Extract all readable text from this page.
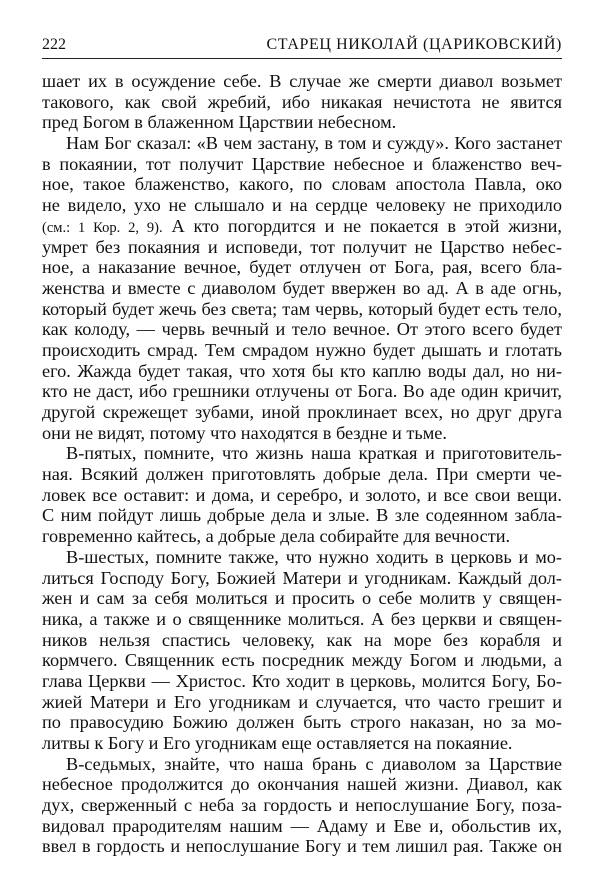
222	СТАРЕЦ НИКОЛАЙ (ЦАРИКОВСКИЙ)
шает их в осуждение себе. В случае же смерти диавол возьмет
такового, как свой жребий, ибо никакая нечистота не явится
пред Богом в блаженном Царствии небесном.
Нам Бог сказал: «В чем застану, в том и сужду». Кого застанет
в покаянии, тот получит Царствие небесное и блаженство веч-
ное, такое блаженство, какого, по словам апостола Павла, око
не видело, ухо не слышало и на сердце человеку не приходило
(см.: 1 Кор. 2, 9). А кто погордится и не покается в этой жизни,
умрет без покаяния и исповеди, тот получит не Царство небес-
ное, а наказание вечное, будет отлучен от Бога, рая, всего бла-
женства и вместе с диаволом будет ввержен во ад. А в аде огнь,
который будет жечь без света; там червь, который будет есть тело,
как колоду, — червь вечный и тело вечное. От этого всего будет
происходить смрад. Тем смрадом нужно будет дышать и глотать
его. Жажда будет такая, что хотя бы кто каплю воды дал, но ни-
кто не даст, ибо грешники отлучены от Бога. Во аде один кричит,
другой скрежещет зубами, иной проклинает всех, но друг друга
они не видят, потому что находятся в бездне и тьме.
В-пятых, помните, что жизнь наша краткая и приготовитель-
ная. Всякий должен приготовлять добрые дела. При смерти че-
ловек все оставит: и дома, и серебро, и золото, и все свои вещи.
С ним пойдут лишь добрые дела и злые. В зле содеянном забла-
говременно кайтесь, а добрые дела собирайте для вечности.
В-шестых, помните также, что нужно ходить в церковь и мо-
литься Господу Богу, Божией Матери и угодникам. Каждый дол-
жен и сам за себя молиться и просить о себе молитв у священ-
ника, а также и о священнике молиться. А без церкви и священ-
ников нельзя спастись человеку, как на море без корабля и
кормчего. Священник есть посредник между Богом и людьми, а
глава Церкви — Христос. Кто ходит в церковь, молится Богу, Бо-
жией Матери и Его угодникам и случается, что часто грешит и
по правосудию Божию должен быть строго наказан, но за мо-
литвы к Богу и Его угодникам еще оставляется на покаяние.
В-седьмых, знайте, что наша брань с диаволом за Царствие
небесное продолжится до окончания нашей жизни. Диавол, как
дух, сверженный с неба за гордость и непослушание Богу, поза-
видовал прародителям нашим — Адаму и Еве и, обольстив их,
ввел в гордость и непослушание Богу и тем лишил рая. Также он
